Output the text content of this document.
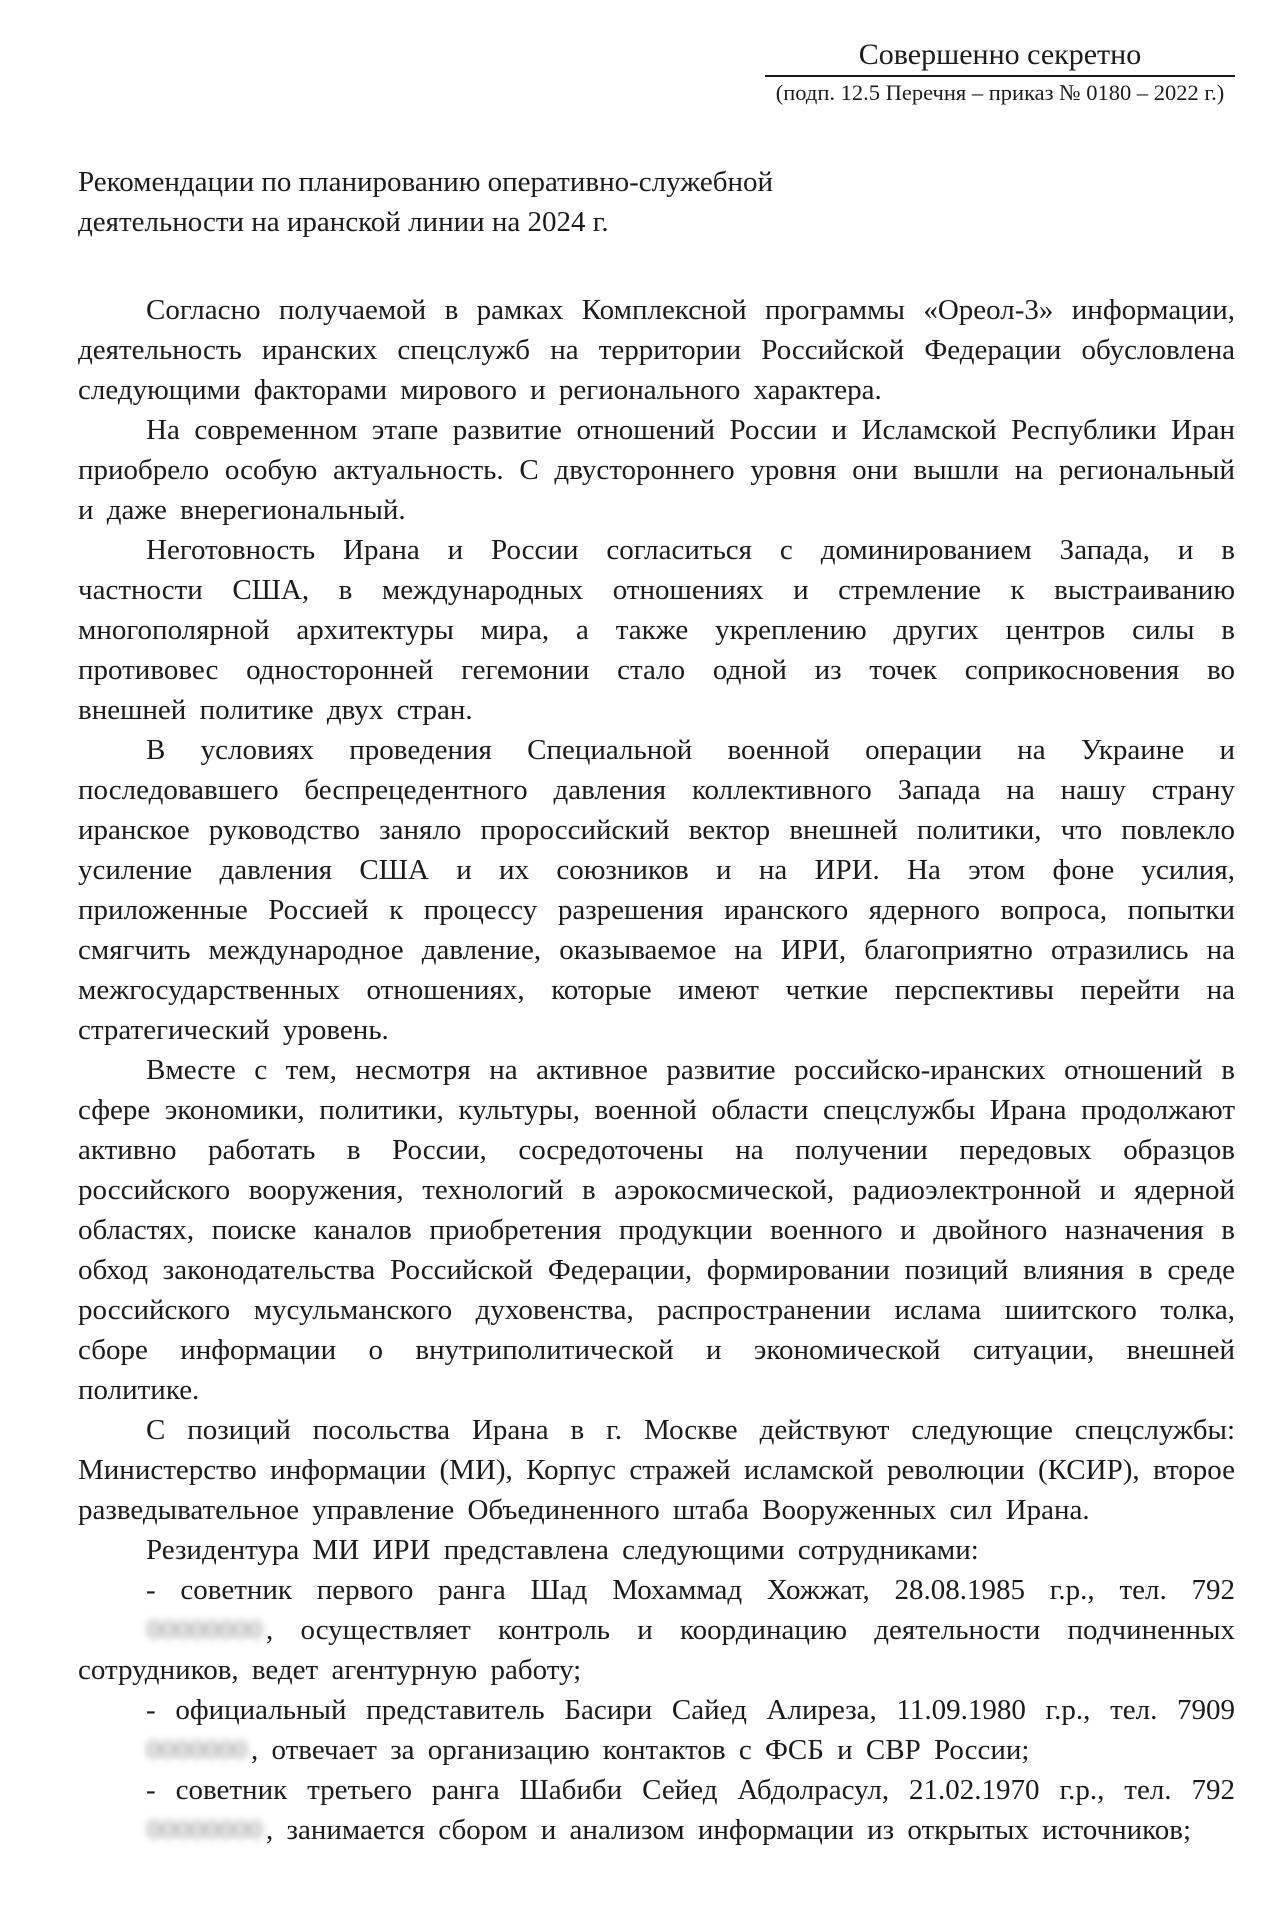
Совершенно секретно
(подп. 12.5 Перечня – приказ № 0180 – 2022 г.)
Рекомендации по планированию оперативно-служебной
деятельности на иранской линии на 2024 г.

Согласно получаемой в рамках Комплексной программы «Ореол-3» информации, деятельность иранских спецслужб на территории Российской Федерации обусловлена следующими факторами мирового и регионального характера.

На современном этапе развитие отношений России и Исламской Республики Иран приобрело особую актуальность. С двустороннего уровня они вышли на региональный и даже внерегиональный.

Неготовность Ирана и России согласиться с доминированием Запада, и в частности США, в международных отношениях и стремление к выстраиванию многополярной архитектуры мира, а также укреплению других центров силы в противовес односторонней гегемонии стало одной из точек соприкосновения во внешней политике двух стран.

В условиях проведения Специальной военной операции на Украине и последовавшего беспрецедентного давления коллективного Запада на нашу страну иранское руководство заняло пророссийский вектор внешней политики, что повлекло усиление давления США и их союзников и на ИРИ. На этом фоне усилия, приложенные Россией к процессу разрешения иранского ядерного вопроса, попытки смягчить международное давление, оказываемое на ИРИ, благоприятно отразились на межгосударственных отношениях, которые имеют четкие перспективы перейти на стратегический уровень.

Вместе с тем, несмотря на активное развитие российско-иранских отношений в сфере экономики, политики, культуры, военной области спецслужбы Ирана продолжают активно работать в России, сосредоточены на получении передовых образцов российского вооружения, технологий в аэрокосмической, радиоэлектронной и ядерной областях, поиске каналов приобретения продукции военного и двойного назначения в обход законодательства Российской Федерации, формировании позиций влияния в среде российского мусульманского духовенства, распространении ислама шиитского толка, сборе информации о внутриполитической и экономической ситуации, внешней политике.

С позиций посольства Ирана в г. Москве действуют следующие спецслужбы: Министерство информации (МИ), Корпус стражей исламской революции (КСИР), второе разведывательное управление Объединенного штаба Вооруженных сил Ирана.

Резидентура МИ ИРИ представлена следующими сотрудниками:

- советник первого ранга Шад Мохаммад Хожжат, 28.08.1985 г.р., тел. 79200000000 , осуществляет контроль и координацию деятельности подчиненных сотрудников, ведет агентурную работу;

- официальный представитель Басири Сайед Алиреза, 11.09.1980 г.р., тел. 79090000000 , отвечает за организацию контактов с ФСБ и СВР России;

- советник третьего ранга Шабиби Сейед Абдолрасул, 21.02.1970 г.р., тел. 79200000000 , занимается сбором и анализом информации из открытых источников;
